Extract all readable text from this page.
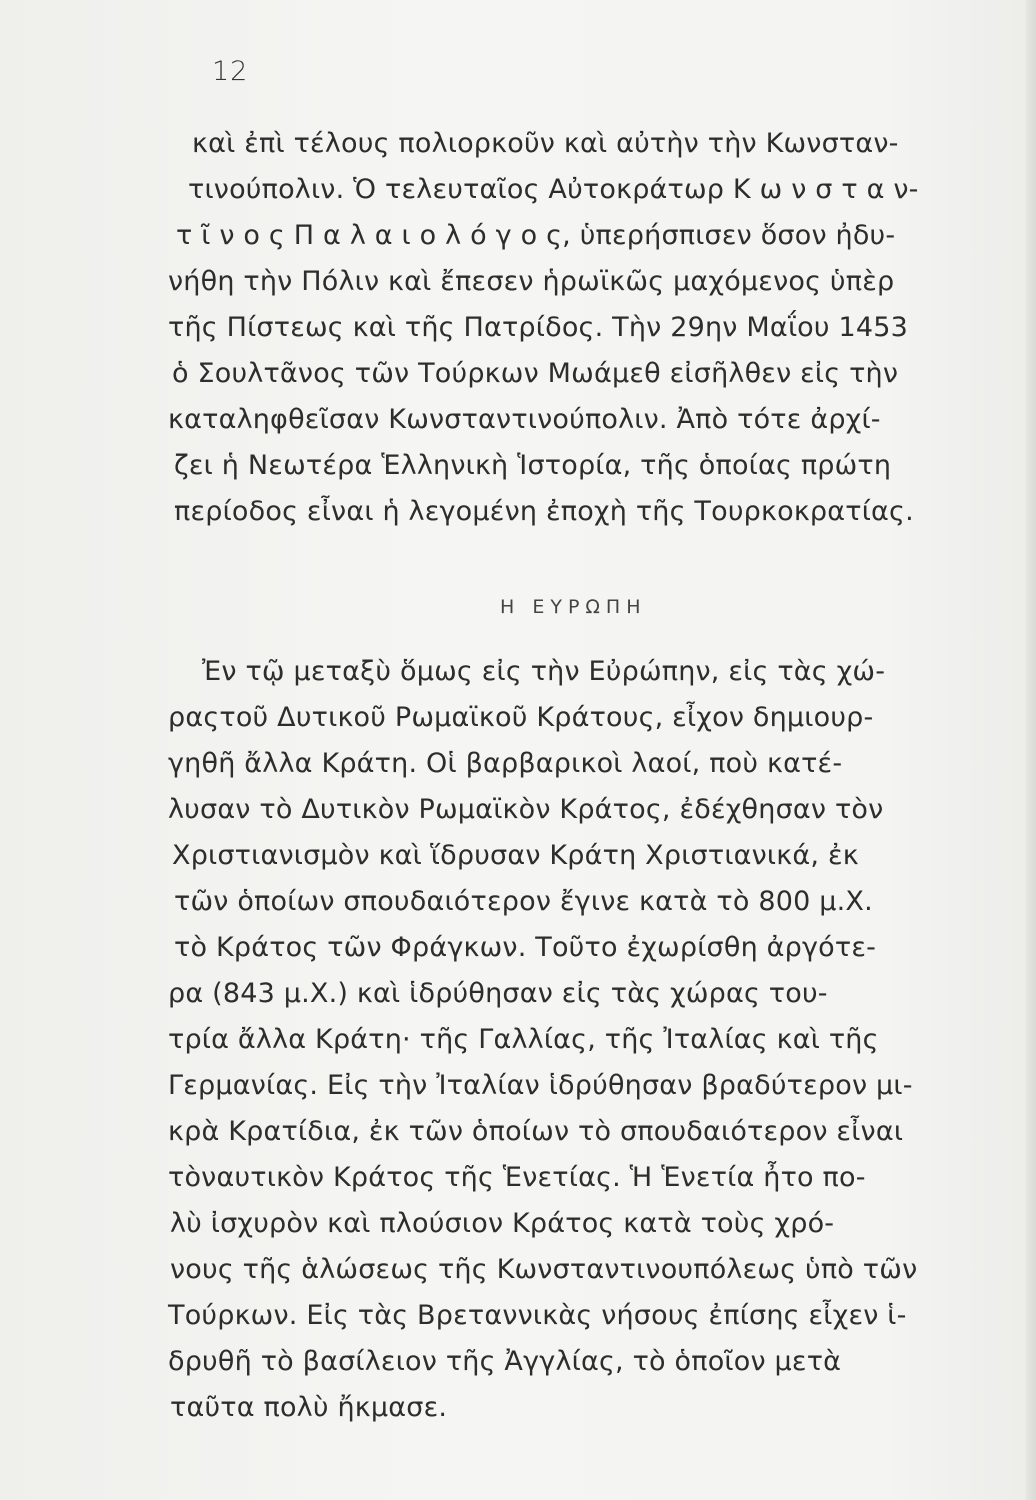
12
καὶ ἐπὶ τέλους πολιορκοῦν καὶ αὐτὴν τὴν Κωνσταν-
τινούπολιν. Ὁ τελευταῖος Αὐτοκράτωρ Κ ω ν σ τ α ν-
τ ῖ ν ο ς Π α λ α ι ο λ ό γ ο ς, ὑπερήσπισεν ὅσον ἠδυ-
νήθη τὴν Πόλιν καὶ ἔπεσεν ἡρωϊκῶς μαχόμενος ὑπὲρ
τῆς Πίστεως καὶ τῆς Πατρίδος. Τὴν 29ην Μαΐου 1453
ὁ Σουλτᾶνος τῶν Τούρκων Μωάμεθ εἰσῆλθεν εἰς τὴν
καταληφθεῖσαν Κωνσταντινούπολιν. Ἀπὸ τότε ἀρχί-
ζει ἡ Νεωτέρα Ἑλληνικὴ Ἱστορία, τῆς ὁποίας πρώτη
περίοδος εἶναι ἡ λεγομένη ἐποχὴ τῆς Τουρκοκρατίας.
Η ΕΥΡΩΠΗ
Ἐν τῷ μεταξὺ ὅμως εἰς τὴν Εὐρώπην, εἰς τὰς χώ-
ραςτοῦ Δυτικοῦ Ρωμαϊκοῦ Κράτους, εἶχον δημιουρ-
γηθῆ ἄλλα Κράτη. Οἱ βαρβαρικοὶ λαοί, ποὺ κατέ-
λυσαν τὸ Δυτικὸν Ρωμαϊκὸν Κράτος, ἐδέχθησαν τὸν
Χριστιανισμὸν καὶ ἵδρυσαν Κράτη Χριστιανικά, ἐκ
τῶν ὁποίων σπουδαιότερον ἔγινε κατὰ τὸ 800 μ.Χ.
τὸ Κράτος τῶν Φράγκων. Τοῦτο ἐχωρίσθη ἀργότε-
ρα (843 μ.Χ.) καὶ ἱδρύθησαν εἰς τὰς χώρας του-
τρία ἄλλα Κράτη· τῆς Γαλλίας, τῆς Ἰταλίας καὶ τῆς
Γερμανίας. Εἰς τὴν Ἰταλίαν ἱδρύθησαν βραδύτερον μι-
κρὰ Κρατίδια, ἐκ τῶν ὁποίων τὸ σπουδαιότερον εἶναι
τὸναυτικὸν Κράτος τῆς Ἑνετίας. Ἡ Ἑνετία ἦτο πο-
λὺ ἰσχυρὸν καὶ πλούσιον Κράτος κατὰ τοὺς χρό-
νους τῆς ἁλώσεως τῆς Κωνσταντινουπόλεως ὑπὸ τῶν
Τούρκων. Εἰς τὰς Βρεταννικὰς νήσους ἐπίσης εἶχεν ἱ-
δρυθῆ τὸ βασίλειον τῆς Ἀγγλίας, τὸ ὁποῖον μετὰ
ταῦτα πολὺ ἤκμασε.
